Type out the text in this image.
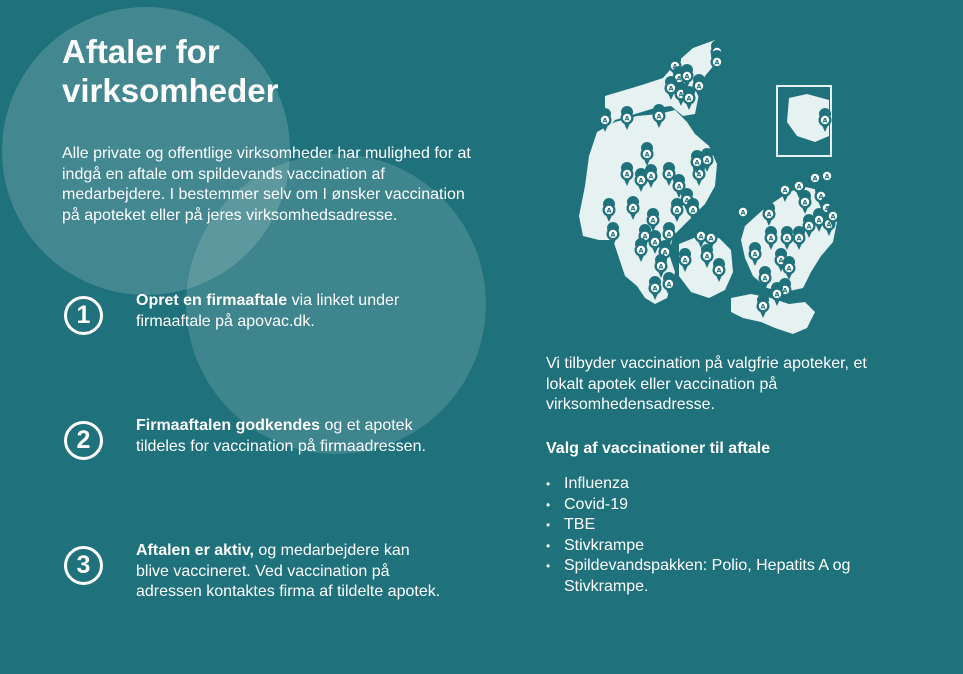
Aftaler for virksomheder

Alle private og offentlige virksomheder har mulighed for at indgå en aftale om spildevands vaccination af medarbejdere. I bestemmer selv om I ønsker vaccination på apoteket eller på jeres virksomhedsadresse.

1
Opret en firmaaftale via linket under firmaaftale på apovac.dk.
2
Firmaaftalen godkendes og et apotek tildeles for vaccination på firmaadressen.
3
Aftalen er aktiv, og medarbejdere kan blive vaccineret. Ved vaccination på adressen kontaktes firma af tildelte apotek.
A

Vi tilbyder vaccination på valgfrie apoteker, et lokalt apotek eller vaccination på virksomhedensadresse.

Valg af vaccinationer til aftale

• Influenza
• Covid-19
• TBE
• Stivkrampe
• Spildevandspakken: Polio, Hepatits A og Stivkrampe.
